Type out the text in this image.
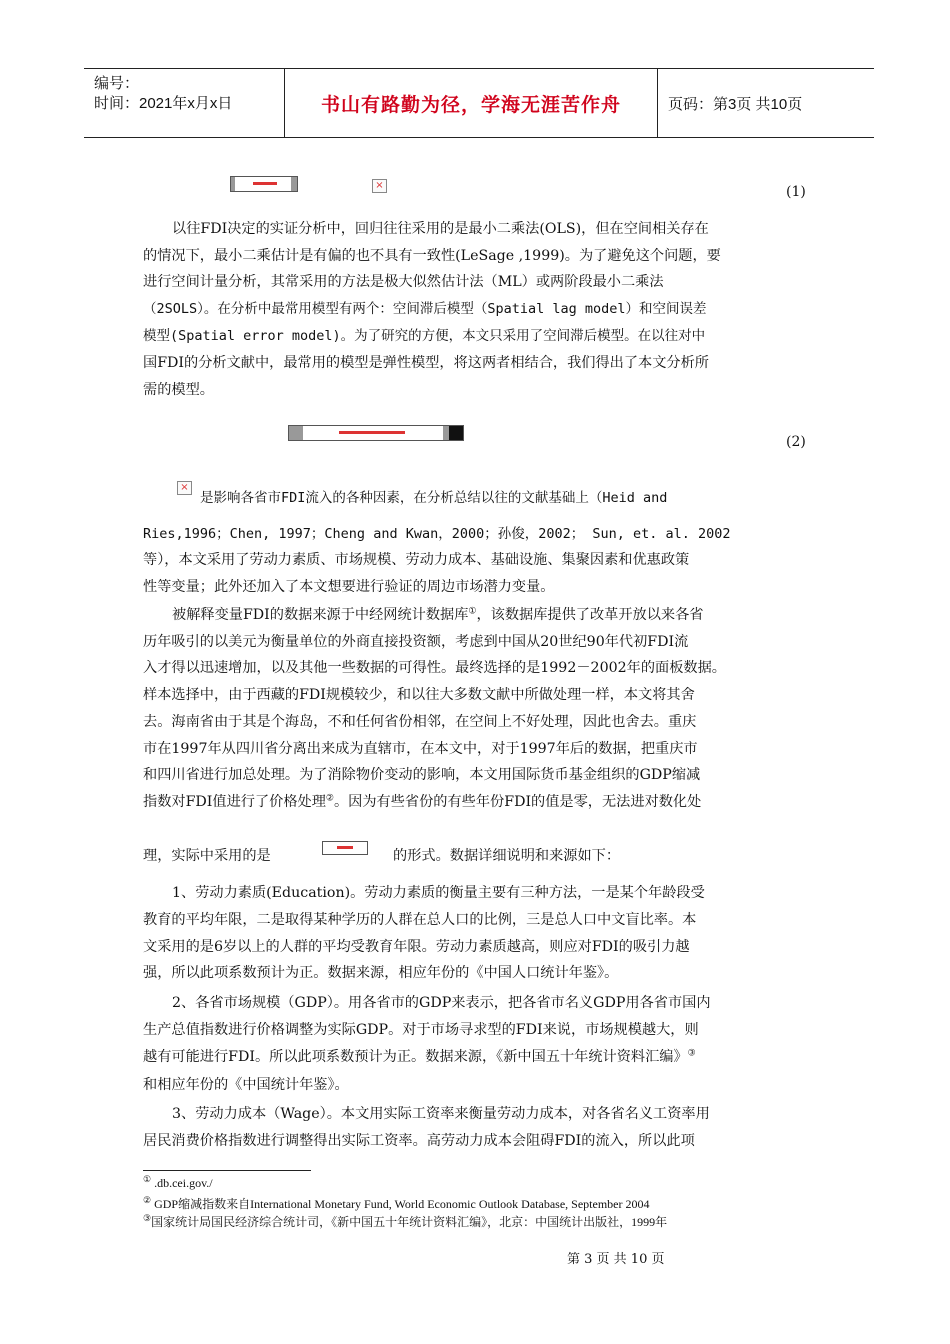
编号：
时间：2021年x月x日	书山有路勤为径，学海无涯苦作舟	页码：第3页 共10页
×	(1)
以往FDI决定的实证分析中，回归往往采用的是最小二乘法(OLS)，但在空间相关存在
的情况下，最小二乘估计是有偏的也不具有一致性(LeSage ,1999)。为了避免这个问题，要
进行空间计量分析，其常采用的方法是极大似然估计法（ML）或两阶段最小二乘法
（2SOLS）。在分析中最常用模型有两个：空间滞后模型（Spatial lag model）和空间误差
模型(Spatial error model)。为了研究的方便，本文只采用了空间滞后模型。在以往对中
国FDI的分析文献中，最常用的模型是弹性模型，将这两者相结合，我们得出了本文分析所
需的模型。
(2)
×
是影响各省市FDI流入的各种因素，在分析总结以往的文献基础上（Heid and
Ries,1996；Chen, 1997；Cheng and Kwan，2000；孙俊，2002； Sun, et. al. 2002
等），本文采用了劳动力素质、市场规模、劳动力成本、基础设施、集聚因素和优惠政策
性等变量；此外还加入了本文想要进行验证的周边市场潜力变量。
被解释变量FDI的数据来源于中经网统计数据库①，该数据库提供了改革开放以来各省
历年吸引的以美元为衡量单位的外商直接投资额，考虑到中国从20世纪90年代初FDI流
入才得以迅速增加，以及其他一些数据的可得性。最终选择的是1992－2002年的面板数据。
样本选择中，由于西藏的FDI规模较少，和以往大多数文献中所做处理一样，本文将其舍
去。海南省由于其是个海岛，不和任何省份相邻，在空间上不好处理，因此也舍去。重庆
市在1997年从四川省分离出来成为直辖市，在本文中，对于1997年后的数据，把重庆市
和四川省进行加总处理。为了消除物价变动的影响，本文用国际货币基金组织的GDP缩减
指数对FDI值进行了价格处理②。因为有些省份的有些年份FDI的值是零，无法进对数化处
理，实际中采用的是	的形式。数据详细说明和来源如下：
1、劳动力素质(Education)。劳动力素质的衡量主要有三种方法，一是某个年龄段受
教育的平均年限，二是取得某种学历的人群在总人口的比例，三是总人口中文盲比率。本
文采用的是6岁以上的人群的平均受教育年限。劳动力素质越高，则应对FDI的吸引力越
强，所以此项系数预计为正。数据来源，相应年份的《中国人口统计年鉴》。
2、各省市场规模（GDP）。用各省市的GDP来表示，把各省市名义GDP用各省市国内
生产总值指数进行价格调整为实际GDP。对于市场寻求型的FDI来说，市场规模越大，则
越有可能进行FDI。所以此项系数预计为正。数据来源，《新中国五十年统计资料汇编》③
和相应年份的《中国统计年鉴》。
3、劳动力成本（Wage）。本文用实际工资率来衡量劳动力成本，对各省名义工资率用
居民消费价格指数进行调整得出实际工资率。高劳动力成本会阻碍FDI的流入，所以此项
① .db.cei.gov./
② GDP缩减指数来自International Monetary Fund, World Economic Outlook Database, September 2004
③国家统计局国民经济综合统计司，《新中国五十年统计资料汇编》，北京：中国统计出版社，1999年
第 3 页 共 10 页
